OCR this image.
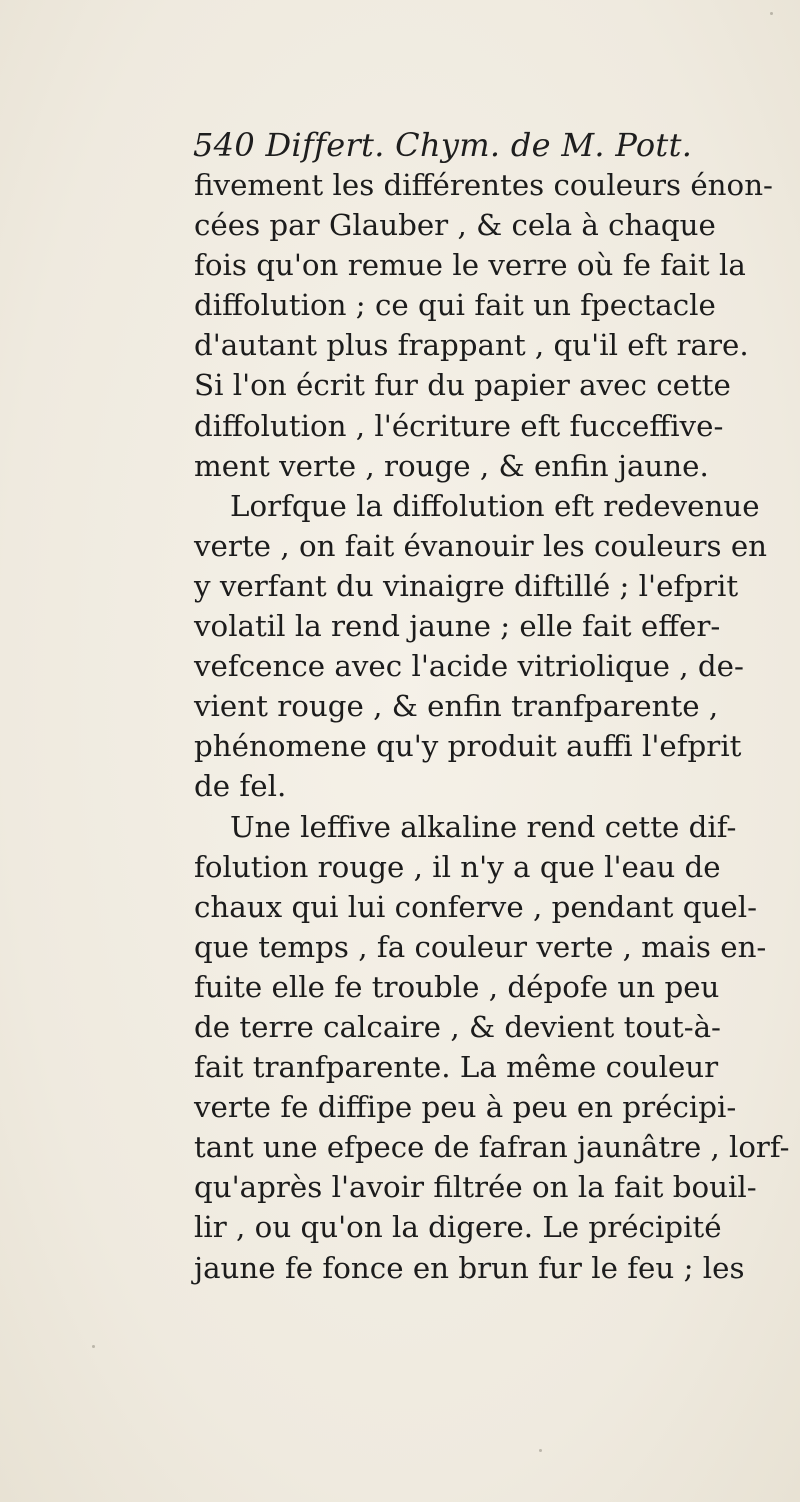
540 Differt. Chym. de M. Pott.
fivement les différentes couleurs énon-
cées par Glauber , & cela à chaque
fois qu'on remue le verre où fe fait la
diffolution ; ce qui fait un fpectacle
d'autant plus frappant , qu'il eft rare.
Si l'on écrit fur du papier avec cette
diffolution , l'écriture eft fucceffive-
ment verte , rouge , & enfin jaune.
Lorfque la diffolution eft redevenue
verte , on fait évanouir les couleurs en
y verfant du vinaigre diftillé ; l'efprit
volatil la rend jaune ; elle fait effer-
vefcence avec l'acide vitriolique , de-
vient rouge , & enfin tranfparente ,
phénomene qu'y produit auffi l'efprit
de fel.
Une leffive alkaline rend cette dif-
folution rouge , il n'y a que l'eau de
chaux qui lui conferve , pendant quel-
que temps , fa couleur verte , mais en-
fuite elle fe trouble , dépofe un peu
de terre calcaire , & devient tout-à-
fait tranfparente. La même couleur
verte fe diffipe peu à peu en précipi-
tant une efpece de fafran jaunâtre , lorf-
qu'après l'avoir filtrée on la fait bouil-
lir , ou qu'on la digere. Le précipité
jaune fe fonce en brun fur le feu ; les
